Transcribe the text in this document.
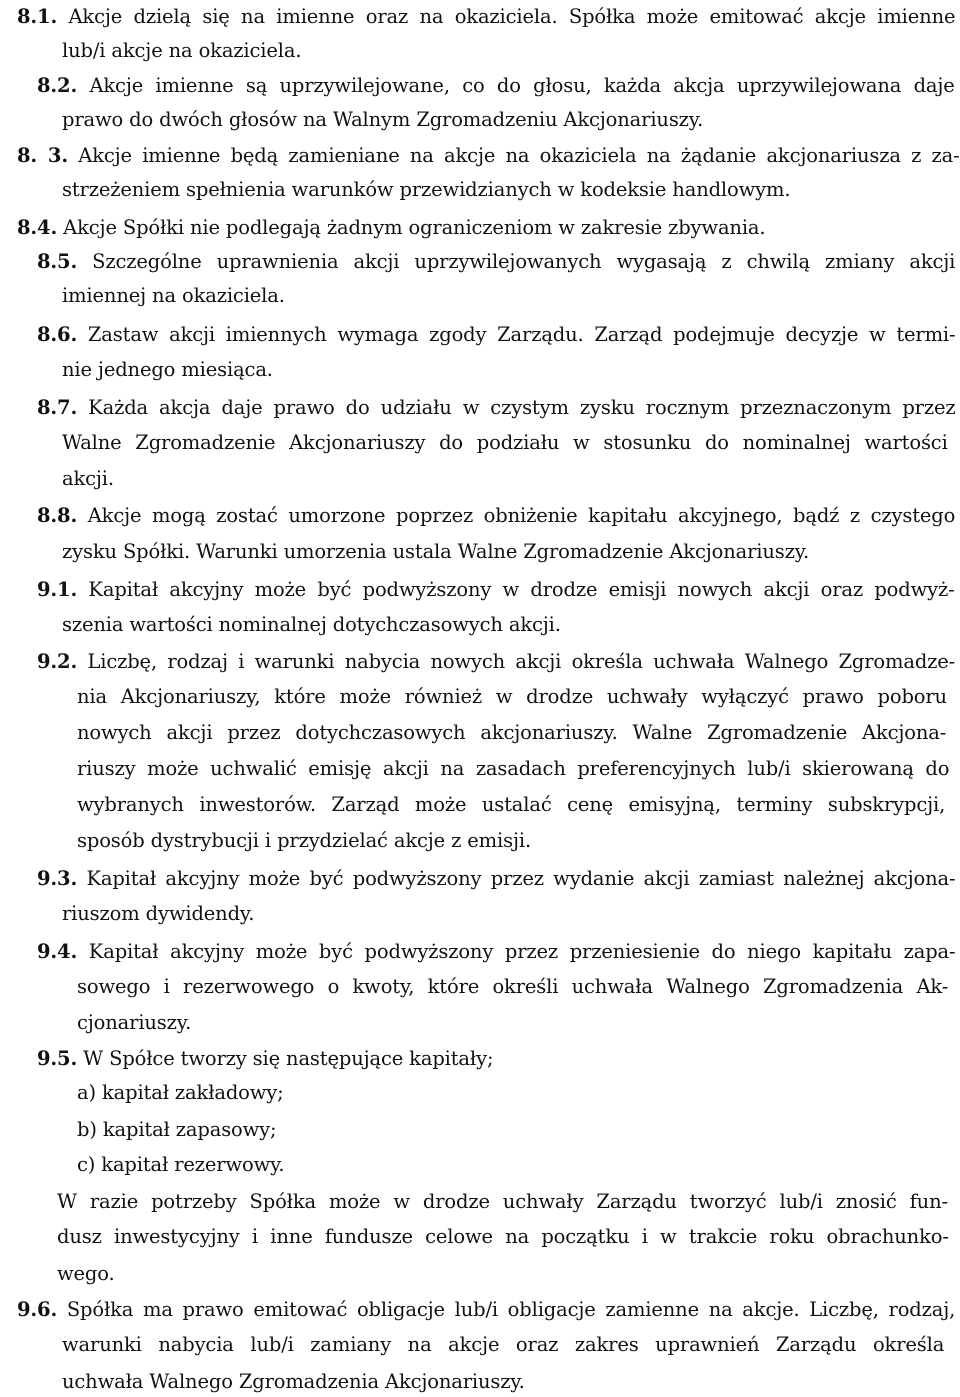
8.1. Akcje dzielą się na imienne oraz na okaziciela. Spółka może emitować akcje imienne
lub/i akcje na okaziciela.
8.2. Akcje imienne są uprzywilejowane, co do głosu, każda akcja uprzywilejowana daje
prawo do dwóch głosów na Walnym Zgromadzeniu Akcjonariuszy.
8. 3. Akcje imienne będą zamieniane na akcje na okaziciela na żądanie akcjonariusza z za-
strzeżeniem spełnienia warunków przewidzianych w kodeksie handlowym.
8.4. Akcje Spółki nie podlegają żadnym ograniczeniom w zakresie zbywania.
8.5. Szczególne uprawnienia akcji uprzywilejowanych wygasają z chwilą zmiany akcji
imiennej na okaziciela.
8.6. Zastaw akcji imiennych wymaga zgody Zarządu. Zarząd podejmuje decyzje w termi-
nie jednego miesiąca.
8.7. Każda akcja daje prawo do udziału w czystym zysku rocznym przeznaczonym przez
Walne Zgromadzenie Akcjonariuszy do podziału w stosunku do nominalnej wartości
akcji.
8.8. Akcje mogą zostać umorzone poprzez obniżenie kapitału akcyjnego, bądź z czystego
zysku Spółki. Warunki umorzenia ustala Walne Zgromadzenie Akcjonariuszy.
9.1. Kapitał akcyjny może być podwyższony w drodze emisji nowych akcji oraz podwyż-
szenia wartości nominalnej dotychczasowych akcji.
9.2. Liczbę, rodzaj i warunki nabycia nowych akcji określa uchwała Walnego Zgromadze-
nia Akcjonariuszy, które może również w drodze uchwały wyłączyć prawo poboru
nowych akcji przez dotychczasowych akcjonariuszy. Walne Zgromadzenie Akcjona-
riuszy może uchwalić emisję akcji na zasadach preferencyjnych lub/i skierowaną do
wybranych inwestorów. Zarząd może ustalać cenę emisyjną, terminy subskrypcji,
sposób dystrybucji i przydzielać akcje z emisji.
9.3. Kapitał akcyjny może być podwyższony przez wydanie akcji zamiast należnej akcjona-
riuszom dywidendy.
9.4. Kapitał akcyjny może być podwyższony przez przeniesienie do niego kapitału zapa-
sowego i rezerwowego o kwoty, które określi uchwała Walnego Zgromadzenia Ak-
cjonariuszy.
9.5. W Spółce tworzy się następujące kapitały;
a) kapitał zakładowy;
b) kapitał zapasowy;
c) kapitał rezerwowy.
W razie potrzeby Spółka może w drodze uchwały Zarządu tworzyć lub/i znosić fun-
dusz inwestycyjny i inne fundusze celowe na początku i w trakcie roku obrachunko-
wego.
9.6. Spółka ma prawo emitować obligacje lub/i obligacje zamienne na akcje. Liczbę, rodzaj,
warunki nabycia lub/i zamiany na akcje oraz zakres uprawnień Zarządu określa
uchwała Walnego Zgromadzenia Akcjonariuszy.
